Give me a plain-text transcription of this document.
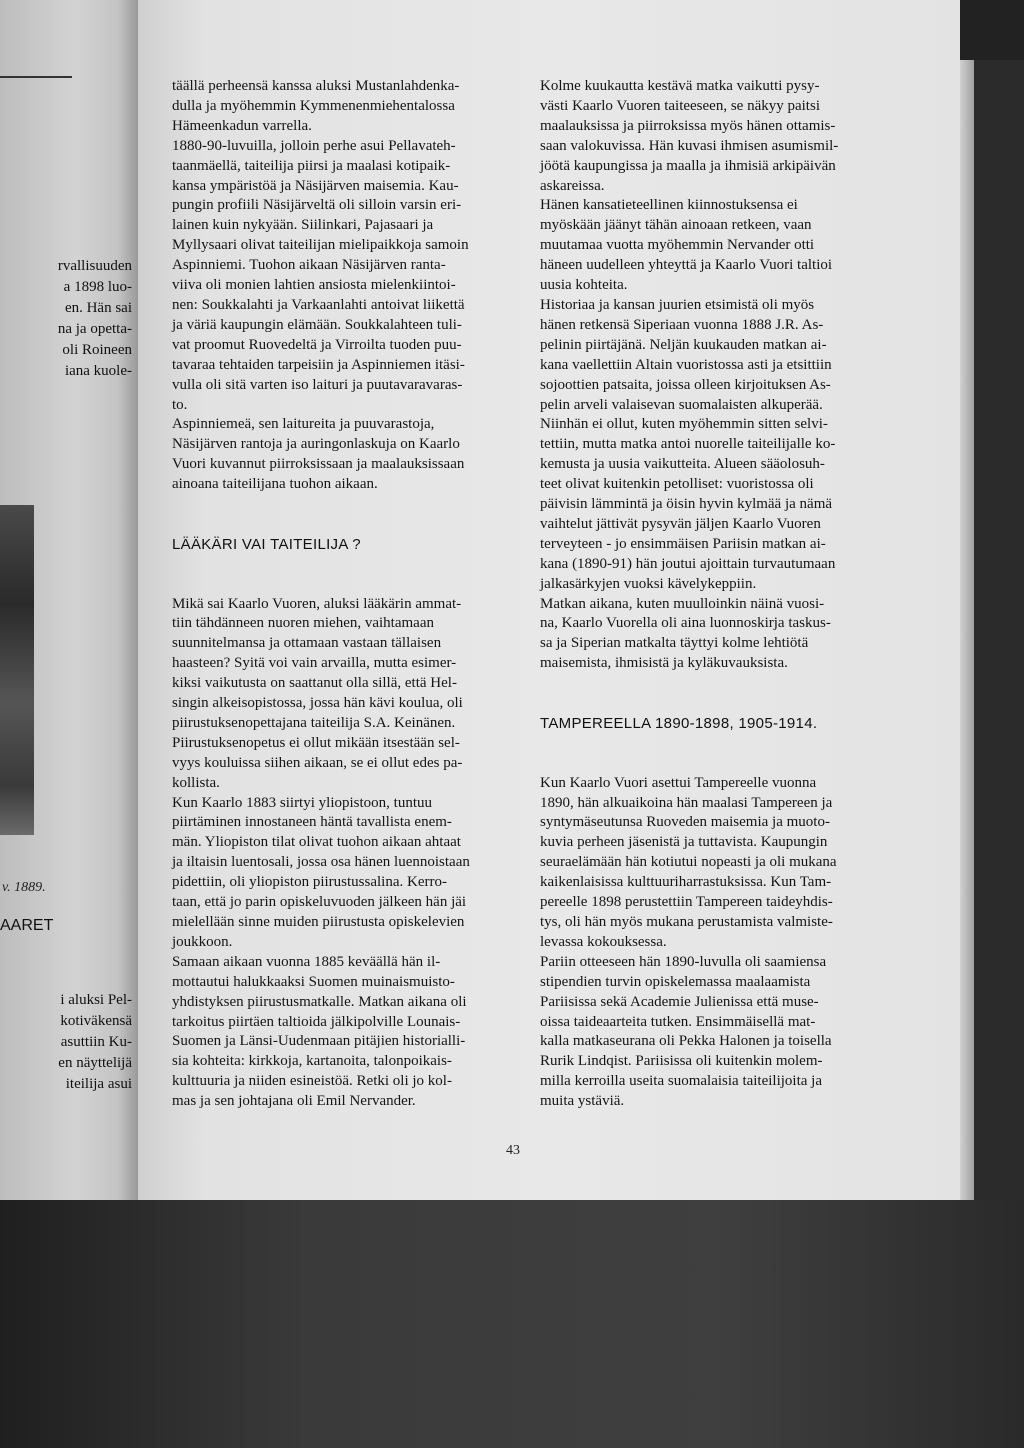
rvallisuuden
a 1898 luo-
en. Hän sai
na ja opetta-
oli Roineen
iana kuole-
v. 1889.
AARET
i aluksi Pel-
kotiväkensä
asuttiin Ku-
en näyttelijä
iteilija asui

täällä perheensä kanssa aluksi Mustanlahdenka-

dulla ja myöhemmin Kymmenenmiehentalossa

Hämeenkadun varrella.

1880-90-luvuilla, jolloin perhe asui Pellavateh-

taanmäellä, taiteilija piirsi ja maalasi kotipaik-

kansa ympäristöä ja Näsijärven maisemia. Kau-

pungin profiili Näsijärveltä oli silloin varsin eri-

lainen kuin nykyään. Siilinkari, Pajasaari ja

Myllysaari olivat taiteilijan mielipaikkoja samoin

Aspinniemi. Tuohon aikaan Näsijärven ranta-

viiva oli monien lahtien ansiosta mielenkiintoi-

nen: Soukkalahti ja Varkaanlahti antoivat liikettä

ja väriä kaupungin elämään. Soukkalahteen tuli-

vat proomut Ruovedeltä ja Virroilta tuoden puu-

tavaraa tehtaiden tarpeisiin ja Aspinniemen itäsi-

vulla oli sitä varten iso laituri ja puutavaravaras-

to.

Aspinniemeä, sen laitureita ja puuvarastoja,

Näsijärven rantoja ja auringonlaskuja on Kaarlo

Vuori kuvannut piirroksissaan ja maalauksissaan

ainoana taiteilijana tuohon aikaan.

LÄÄKÄRI VAI TAITEILIJA ?

Mikä sai Kaarlo Vuoren, aluksi lääkärin ammat-

tiin tähdänneen nuoren miehen, vaihtamaan

suunnitelmansa ja ottamaan vastaan tällaisen

haasteen? Syitä voi vain arvailla, mutta esimer-

kiksi vaikutusta on saattanut olla sillä, että Hel-

singin alkeisopistossa, jossa hän kävi koulua, oli

piirustuksenopettajana taiteilija S.A. Keinänen.

Piirustuksenopetus ei ollut mikään itsestään sel-

vyys kouluissa siihen aikaan, se ei ollut edes pa-

kollista.

Kun Kaarlo 1883 siirtyi yliopistoon, tuntuu

piirtäminen innostaneen häntä tavallista enem-

män. Yliopiston tilat olivat tuohon aikaan ahtaat

ja iltaisin luentosali, jossa osa hänen luennoistaan

pidettiin, oli yliopiston piirustussalina. Kerro-

taan, että jo parin opiskeluvuoden jälkeen hän jäi

mielellään sinne muiden piirustusta opiskelevien

joukkoon.

Samaan aikaan vuonna 1885 keväällä hän il-

mottautui halukkaaksi Suomen muinaismuisto-

yhdistyksen piirustusmatkalle. Matkan aikana oli

tarkoitus piirtäen taltioida jälkipolville Lounais-

Suomen ja Länsi-Uudenmaan pitäjien historialli-

sia kohteita: kirkkoja, kartanoita, talonpoikais-

kulttuuria ja niiden esineistöä. Retki oli jo kol-

mas ja sen johtajana oli Emil Nervander.

Kolme kuukautta kestävä matka vaikutti pysy-

västi Kaarlo Vuoren taiteeseen, se näkyy paitsi

maalauksissa ja piirroksissa myös hänen ottamis-

saan valokuvissa. Hän kuvasi ihmisen asumismil-

jöötä kaupungissa ja maalla ja ihmisiä arkipäivän

askareissa.

Hänen kansatieteellinen kiinnostuksensa ei

myöskään jäänyt tähän ainoaan retkeen, vaan

muutamaa vuotta myöhemmin Nervander otti

häneen uudelleen yhteyttä ja Kaarlo Vuori taltioi

uusia kohteita.

Historiaa ja kansan juurien etsimistä oli myös

hänen retkensä Siperiaan vuonna 1888 J.R. As-

pelinin piirtäjänä. Neljän kuukauden matkan ai-

kana vaellettiin Altain vuoristossa asti ja etsittiin

sojoottien patsaita, joissa olleen kirjoituksen As-

pelin arveli valaisevan suomalaisten alkuperää.

Niinhän ei ollut, kuten myöhemmin sitten selvi-

tettiin, mutta matka antoi nuorelle taiteilijalle ko-

kemusta ja uusia vaikutteita. Alueen sääolosuh-

teet olivat kuitenkin petolliset: vuoristossa oli

päivisin lämmintä ja öisin hyvin kylmää ja nämä

vaihtelut jättivät pysyvän jäljen Kaarlo Vuoren

terveyteen - jo ensimmäisen Pariisin matkan ai-

kana (1890-91) hän joutui ajoittain turvautumaan

jalkasärkyjen vuoksi kävelykeppiin.

Matkan aikana, kuten muulloinkin näinä vuosi-

na, Kaarlo Vuorella oli aina luonnoskirja taskus-

sa ja Siperian matkalta täyttyi kolme lehtiötä

maisemista, ihmisistä ja kyläkuvauksista.

TAMPEREELLA 1890-1898, 1905-1914.

Kun Kaarlo Vuori asettui Tampereelle vuonna

1890, hän alkuaikoina hän maalasi Tampereen ja

syntymäseutunsa Ruoveden maisemia ja muoto-

kuvia perheen jäsenistä ja tuttavista. Kaupungin

seuraelämään hän kotiutui nopeasti ja oli mukana

kaikenlaisissa kulttuuriharrastuksissa. Kun Tam-

pereelle 1898 perustettiin Tampereen taideyhdis-

tys, oli hän myös mukana perustamista valmiste-

levassa kokouksessa.

Pariin otteeseen hän 1890-luvulla oli saamiensa

stipendien turvin opiskelemassa maalaamista

Pariisissa sekä Academie Julienissa että muse-

oissa taideaarteita tutken. Ensimmäisellä mat-

kalla matkaseurana oli Pekka Halonen ja toisella

Rurik Lindqist. Pariisissa oli kuitenkin molem-

milla kerroilla useita suomalaisia taiteilijoita ja

muita ystäviä.

43
